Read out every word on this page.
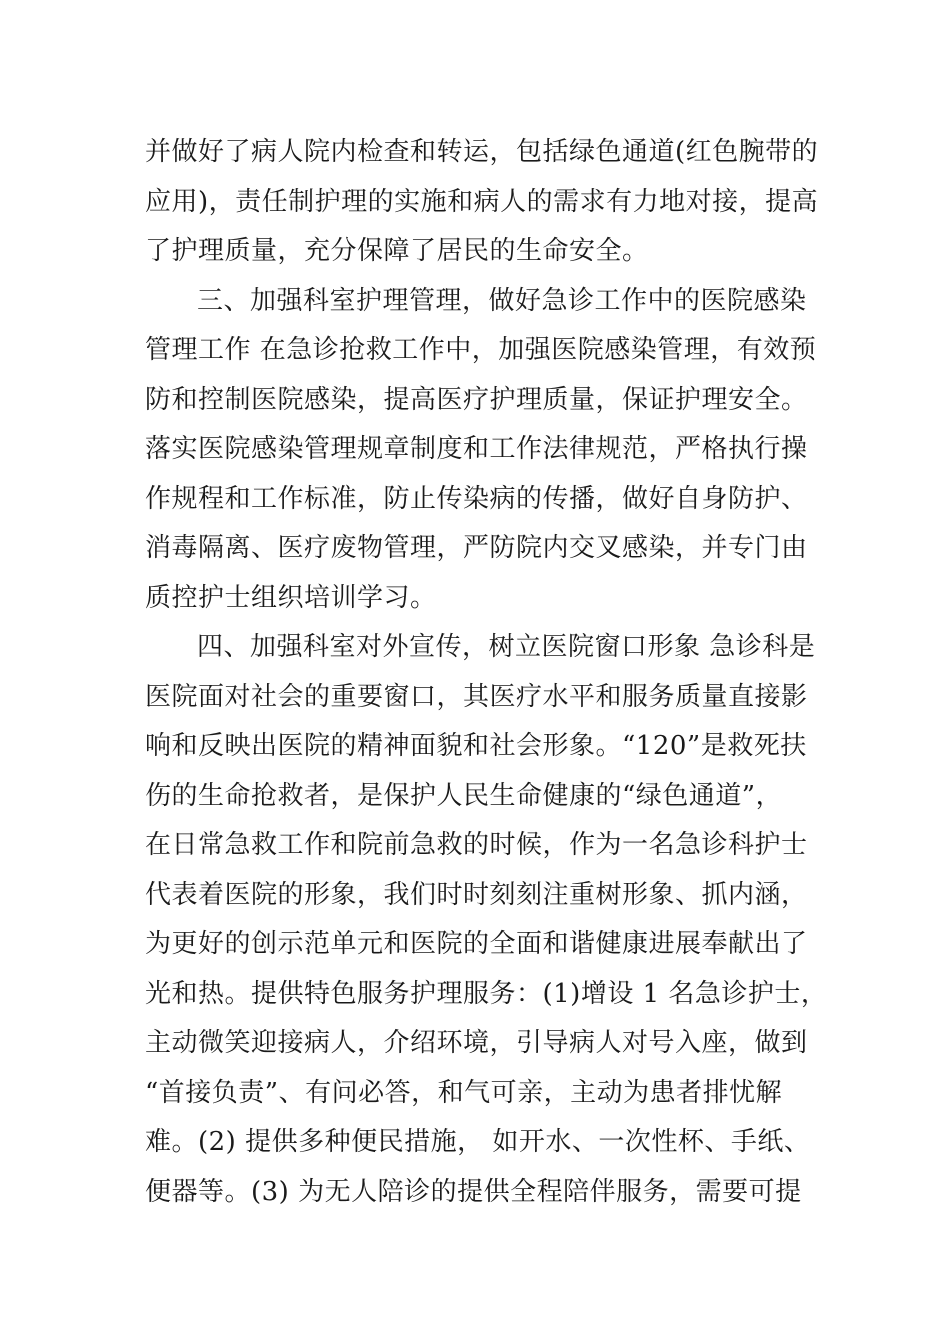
并做好了病人院内检查和转运，包括绿色通道(红色腕带的
应用)，责任制护理的实施和病人的需求有力地对接，提高
了护理质量，充分保障了居民的生命安全。
三、加强科室护理管理，做好急诊工作中的医院感染
管理工作 在急诊抢救工作中，加强医院感染管理，有效预
防和控制医院感染，提高医疗护理质量，保证护理安全。
落实医院感染管理规章制度和工作法律规范，严格执行操
作规程和工作标准，防止传染病的传播，做好自身防护、
消毒隔离、医疗废物管理，严防院内交叉感染，并专门由
质控护士组织培训学习。
四、加强科室对外宣传，树立医院窗口形象 急诊科是
医院面对社会的重要窗口，其医疗水平和服务质量直接影
响和反映出医院的精神面貌和社会形象。“120”是救死扶
伤的生命抢救者，是保护人民生命健康的“绿色通道”，
在日常急救工作和院前急救的时候，作为一名急诊科护士
代表着医院的形象，我们时时刻刻注重树形象、抓内涵，
为更好的创示范单元和医院的全面和谐健康进展奉献出了
光和热。提供特色服务护理服务：(1)增设 1 名急诊护士，
主动微笑迎接病人，介绍环境，引导病人对号入座，做到
“首接负责”、有问必答，和气可亲，主动为患者排忧解
难。(2) 提供多种便民措施， 如开水、一次性杯、手纸、
便器等。(3) 为无人陪诊的提供全程陪伴服务，需要可提
